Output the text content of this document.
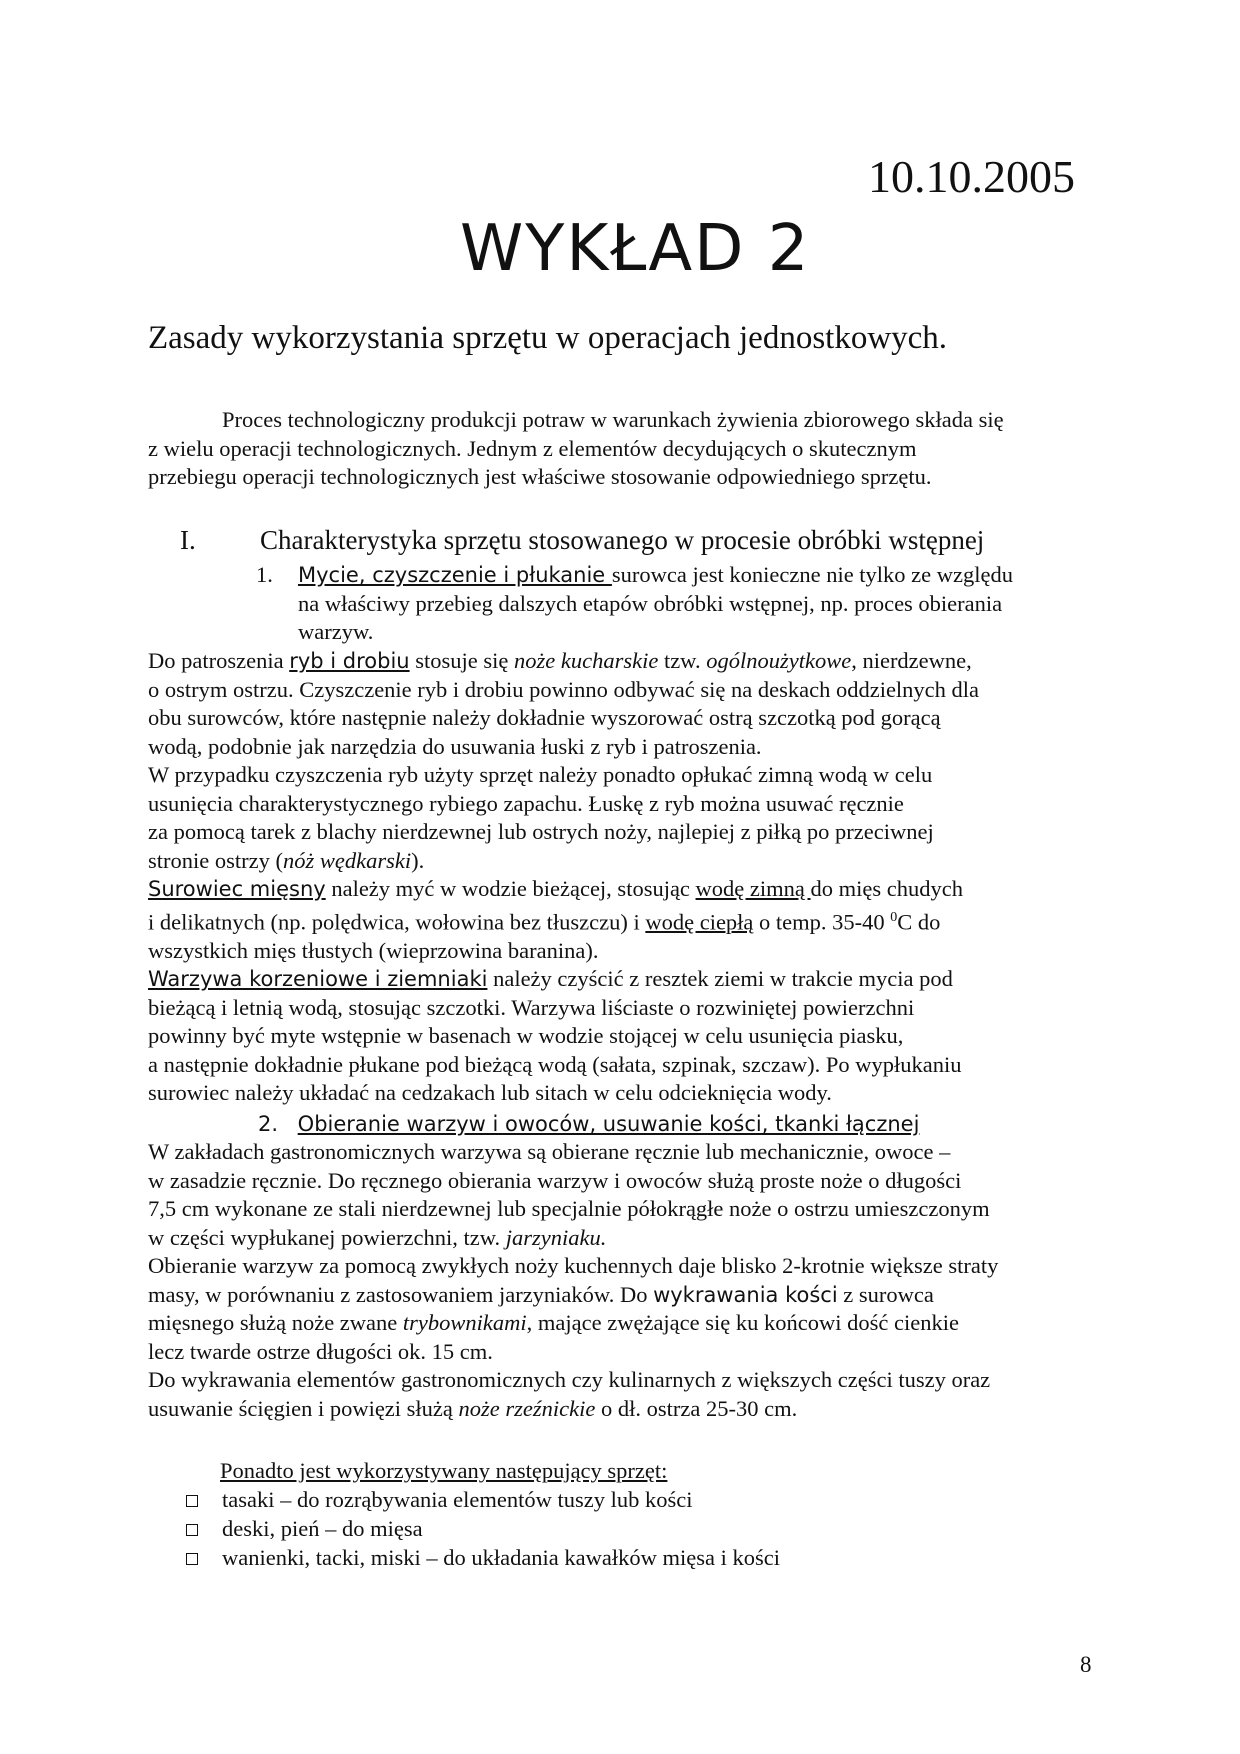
10.10.2005
WYKŁAD 2
Zasady wykorzystania sprzętu w operacjach jednostkowych.
Proces technologiczny produkcji potraw w warunkach żywienia zbiorowego składa się
z wielu operacji technologicznych. Jednym z elementów decydujących o skutecznym
przebiegu operacji technologicznych jest właściwe stosowanie odpowiedniego sprzętu.
I. Charakterystyka sprzętu stosowanego w procesie obróbki wstępnej
1. Mycie, czyszczenie i płukanie surowca jest konieczne nie tylko ze względu
na właściwy przebieg dalszych etapów obróbki wstępnej, np. proces obierania
warzyw.
Do patroszenia ryb i drobiu stosuje się noże kucharskie tzw. ogólnoużytkowe, nierdzewne,
o ostrym ostrzu. Czyszczenie ryb i drobiu powinno odbywać się na deskach oddzielnych dla
obu surowców, które następnie należy dokładnie wyszorować ostrą szczotką pod gorącą
wodą, podobnie jak narzędzia do usuwania łuski z ryb i patroszenia.
W przypadku czyszczenia ryb użyty sprzęt należy ponadto opłukać zimną wodą w celu
usunięcia charakterystycznego rybiego zapachu. Łuskę z ryb można usuwać ręcznie
za pomocą tarek z blachy nierdzewnej lub ostrych noży, najlepiej z piłką po przeciwnej
stronie ostrzy (nóż wędkarski).
Surowiec mięsny należy myć w wodzie bieżącej, stosując wodę zimną do mięs chudych
i delikatnych (np. polędwica, wołowina bez tłuszczu) i wodę ciepłą o temp. 35-40 $^0$C do
wszystkich mięs tłustych (wieprzowina baranina).
Warzywa korzeniowe i ziemniaki należy czyścić z resztek ziemi w trakcie mycia pod
bieżącą i letnią wodą, stosując szczotki. Warzywa liściaste o rozwiniętej powierzchni
powinny być myte wstępnie w basenach w wodzie stojącej w celu usunięcia piasku,
a następnie dokładnie płukane pod bieżącą wodą (sałata, szpinak, szczaw). Po wypłukaniu
surowiec należy układać na cedzakach lub sitach w celu odcieknięcia wody.
2. Obieranie warzyw i owoców, usuwanie kości, tkanki łącznej
W zakładach gastronomicznych warzywa są obierane ręcznie lub mechanicznie, owoce –
w zasadzie ręcznie. Do ręcznego obierania warzyw i owoców służą proste noże o długości
7,5 cm wykonane ze stali nierdzewnej lub specjalnie półokrągłe noże o ostrzu umieszczonym
w części wypłukanej powierzchni, tzw. jarzyniaku.
Obieranie warzyw za pomocą zwykłych noży kuchennych daje blisko 2-krotnie większe straty
masy, w porównaniu z zastosowaniem jarzyniaków. Do wykrawania kości z surowca
mięsnego służą noże zwane trybownikami, mające zwężające się ku końcowi dość cienkie
lecz twarde ostrze długości ok. 15 cm.
Do wykrawania elementów gastronomicznych czy kulinarnych z większych części tuszy oraz
usuwanie ścięgien i powięzi służą noże rzeźnickie o dł. ostrza 25-30 cm.
Ponadto jest wykorzystywany następujący sprzęt:
tasaki – do rozrąbywania elementów tuszy lub kości
deski, pień – do mięsa
wanienki, tacki, miski – do układania kawałków mięsa i kości
8
